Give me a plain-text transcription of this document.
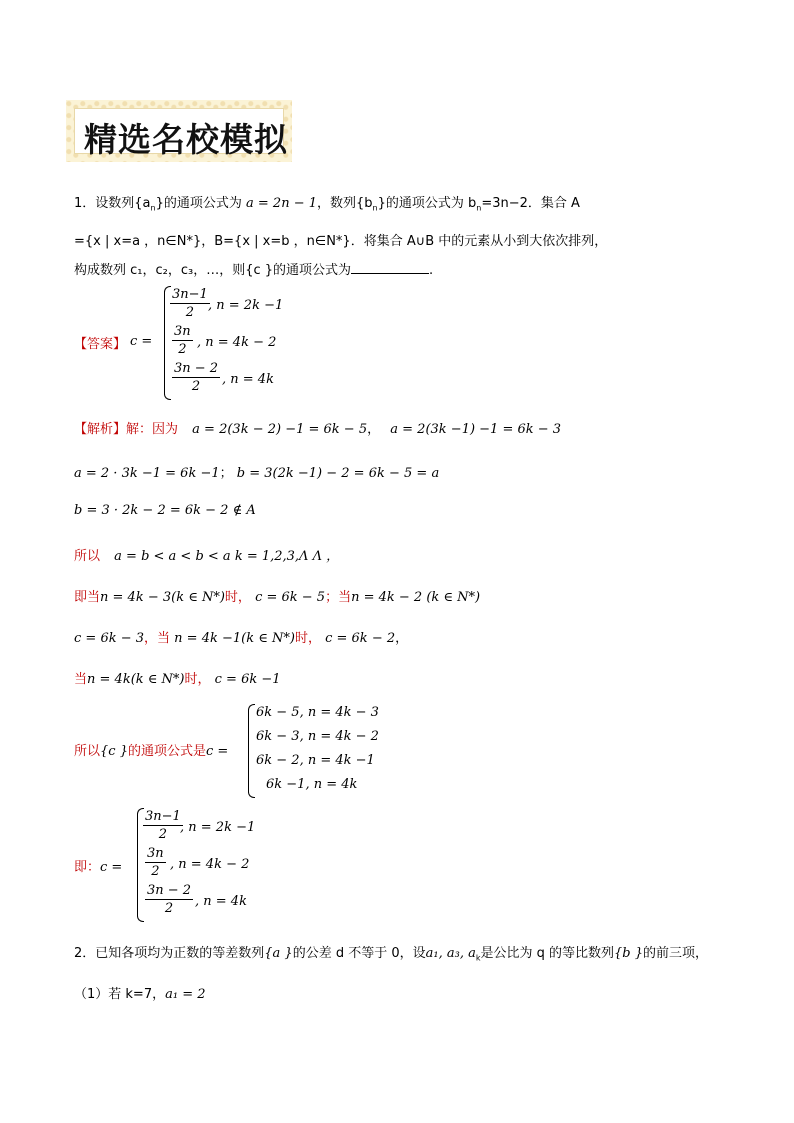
精选名校模拟
1．设数列$\{a_n\}$的通项公式为 a = 2n − 1，数列$\{b_n\}$的通项公式为 $b_n=3n-2$．集合 A
={x | x=a ，n∈N*}，B={x | x=b ，n∈N*}．将集合 A∪B 中的元素从小到大依次排列，
构成数列 c₁，c₂，c₃，…，则{c }的通项公式为	.
【答案】 c =
3n−1
2	, n = 2k −1
3n
2 , n = 4k − 2
3n − 2
2	, n = 4k
【解析】解：因为 a = 2(3k − 2) −1 = 6k − 5， a = 2(3k −1) −1 = 6k − 3
a = 2 · 3k −1 = 6k −1； b = 3(2k −1) − 2 = 6k − 5 = a
b = 3 · 2k − 2 = 6k − 2 ∉ A
所以 a = b < a < b < a k = 1,2,3,Λ Λ ，
即当n = 4k − 3(k ∈ N*)时， c = 6k − 5；当n = 4k − 2 (k ∈ N*)
c = 6k − 3，当 n = 4k −1(k ∈ N*)时， c = 6k − 2，
当n = 4k(k ∈ N*)时， c = 6k −1
所以{c }的通项公式是c =
6k − 5, n = 4k − 3
6k − 3, n = 4k − 2
6k − 2, n = 4k −1
6k −1, n = 4k
即：c =
3n−1
2 , n = 2k −1
3n
2 , n = 4k − 2
3n − 2
2	, n = 4k
2．已知各项均为正数的等差数列{a }的公差 d 不等于 0，设a₁, a₃, $a_k$是公比为 q 的等比数列{b }的前三项，
（1）若 k=7，a₁ = 2
